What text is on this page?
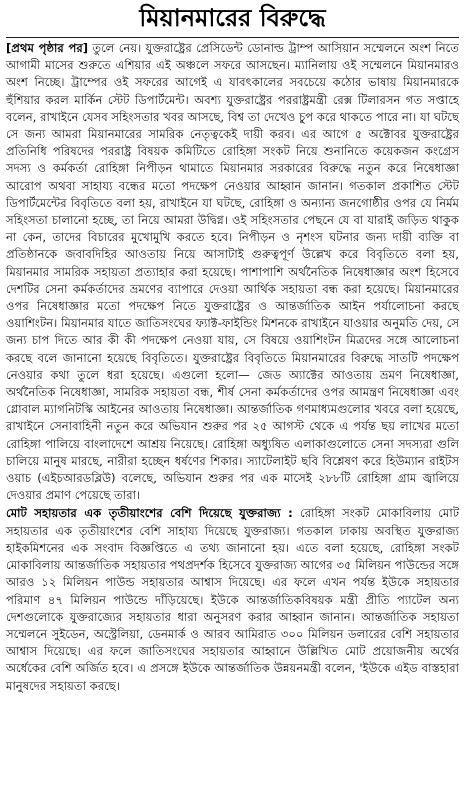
মিয়ানমারের বিরুদ্ধে

[প্রথম পৃষ্ঠার পর] তুলে নেয়। যুক্তরাষ্ট্রের প্রেসিডেন্ট ডোনাল্ড ট্রাম্প আসিয়ান সম্মেলনে অংশ নিতে আগামী মাসের শুরুতে এশিয়ার এই অঞ্চলে সফরে আসছেন। ম্যানিলায় ওই সম্মেলনে মিয়ানমারও অংশ নিচ্ছে। ট্রাম্পের ওই সফরের আগেই এ যাবৎকালের সবচেয়ে কঠোর ভাষায় মিয়ানমারকে হুঁশিয়ার করল মার্কিন স্টেট ডিপার্টমেন্ট। অবশ্য যুক্তরাষ্ট্রের পররাষ্ট্রমন্ত্রী রেক্স টিলারসন গত সপ্তাহে বলেন, রাখাইনে যেসব সহিংসতার খবর আসছে, বিশ্ব তা দেখেও চুপ করে থাকতে পারে না। যা ঘটছে সে জন্য আমরা মিয়ানমারের সামরিক নেতৃত্বকেই দায়ী করব। এর আগে ৫ অক্টোবর যুক্তরাষ্ট্রের প্রতিনিধি পরিষদের পররাষ্ট্র বিষয়ক কমিটিতে রোহিঙ্গা সংকট নিয়ে শুনানিতে কয়েকজন কংগ্রেস সদস্য ও কর্মকর্তা রোহিঙ্গা নিপীড়ন থামাতে মিয়ানমার সরকারের বিরুদ্ধে নতুন করে নিষেধাজ্ঞা আরোপ অথবা সাহায্য বন্ধের মতো পদক্ষেপ নেওয়ার আহ্বান জানান। গতকাল প্রকাশিত স্টেট ডিপার্টমেন্টের বিবৃতিতে বলা হয়, রাখাইনে যা ঘটছে, রোহিঙ্গা ও অন্যান্য জনগোষ্ঠীর ওপর যে নির্মম সহিংসতা চালানো হচ্ছে, তা নিয়ে আমরা উদ্বিগ্ন। ওই সহিংসতার পেছনে যে বা যারাই জড়িত থাকুক না কেন, তাদের বিচারের মুখোমুখি করতে হবে। নিপীড়ন ও নৃশংস ঘটনার জন্য দায়ী ব্যক্তি বা প্রতিষ্ঠানকে জবাবদিহির আওতায় নিয়ে আসাটাই গুরুত্বপূর্ণ উল্লেখ করে বিবৃতিতে বলা হয়, মিয়ানমার সামরিক সহায়তা প্রত্যাহার করা হয়েছে। পাশাপাশি অর্থনৈতিক নিষেধাজ্ঞার অংশ হিসেবে দেশটির সেনা কর্মকর্তাদের ভ্রমণের ব্যাপারে দেওয়া আর্থিক সহায়তা বন্ধ করা হয়েছে। মিয়ানমারের ওপর নিষেধাজ্ঞার মতো পদক্ষেপ নিতে যুক্তরাষ্ট্রের ও আন্তর্জাতিক আইন পর্যালোচনা করছে ওয়াশিংটন। মিয়ানমার যাতে জাতিসংঘের ফ্যাক্ট-ফাইন্ডিং মিশনকে রাখাইনে যাওয়ার অনুমতি দেয়, সে জন্য চাপ দিতে আর কী কী পদক্ষেপ নেওয়া যায়, সে বিষয়ে ওয়াশিংটন মিত্রদের সঙ্গে আলোচনা করছে বলে জানানো হয়েছে বিবৃতিতে। যুক্তরাষ্ট্রের বিবৃতিতে মিয়ানমারের বিরুদ্ধে সাতটি পদক্ষেপ নেওয়ার কথা তুলে ধরা হয়েছে। এগুলো হলো— জেড অ্যাক্টের আওতায় ভ্রমণ নিষেধাজ্ঞা, অর্থনৈতিক নিষেধাজ্ঞা, সামরিক সহায়তা বন্ধ, শীর্ষ সেনা কর্মকর্তাদের ওপর আমন্ত্রণ নিষেধাজ্ঞা এবং গ্লোবাল ম্যাগনিটস্কি আইনের আওতায় নিষেধাজ্ঞা। আন্তর্জাতিক গণমাধ্যমগুলোর খবরে বলা হয়েছে, রাখাইনে সেনাবাহিনী নতুন করে অভিযান শুরুর পর ২৫ আগস্ট থেকে এ পর্যন্ত ছয় লাখের মতো রোহিঙ্গা পালিয়ে বাংলাদেশে আশ্রয় নিয়েছে। রোহিঙ্গা অধ্যুষিত এলাকাগুলোতে সেনা সদস্যরা গুলি চালিয়ে মানুষ মারছে, নারীরা হচ্ছেন ধর্ষণের শিকার। স্যাটেলাইট ছবি বিশ্লেষণ করে হিউম্যান রাইটস ওয়াচ (এইচআরডব্লিউ) বলেছে, অভিযান শুরুর পর এক মাসেই ২৮৮টি রোহিঙ্গা গ্রাম জ্বালিয়ে দেওয়ার প্রমাণ পেয়েছে তারা।

মোট সহায়তার এক তৃতীয়াংশের বেশি দিয়েছে যুক্তরাজ্য : রোহিঙ্গা সংকট মোকাবিলায় মোট সহায়তার এক তৃতীয়াংশের বেশি সাহায্য দিয়েছে যুক্তরাজ্য। গতকাল ঢাকায় অবস্থিত যুক্তরাজ্য হাইকমিশনের এক সংবাদ বিজ্ঞপ্তিতে এ তথ্য জানানো হয়। এতে বলা হয়েছে, রোহিঙ্গা সংকট মোকাবিলায় আন্তর্জাতিক সহায়তার পথপ্রদর্শক হিসেবে যুক্তরাজ্য আগের ৩৫ মিলিয়ন পাউন্ডের সঙ্গে আরও ১২ মিলিয়ন পাউন্ড সহায়তার আশ্বাস দিয়েছে। এর ফলে এখন পর্যন্ত ইউকে সহায়তার পরিমাণ ৪৭ মিলিয়ন পাউন্ডে দাঁড়িয়েছে। ইউকে আন্তর্জাতিকবিষয়ক মন্ত্রী প্রীতি প্যাটেল অন্য দেশগুলোকে যুক্তরাজ্যের সহায়তার ধারা অনুসরণ করার আহ্বান জানান। আন্তর্জাতিক সহায়তা সম্মেলনে সুইডেন, অস্ট্রেলিয়া, ডেনমার্ক ও আরব আমিরাত ৩০০ মিলিয়ন ডলারের বেশি সহায়তার আশ্বাস দিয়েছে। এর ফলে জাতিসংঘের সহায়তার আহ্বানে উল্লিখিত মোট প্রয়োজনীয় অর্থের অর্ধেকের বেশি অর্জিত হবে। এ প্রসঙ্গে ইউকে আন্তর্জাতিক উন্নয়নমন্ত্রী বলেন, 'ইউকে এইড বাস্তহারা মানুষদের সহায়তা করছে।
